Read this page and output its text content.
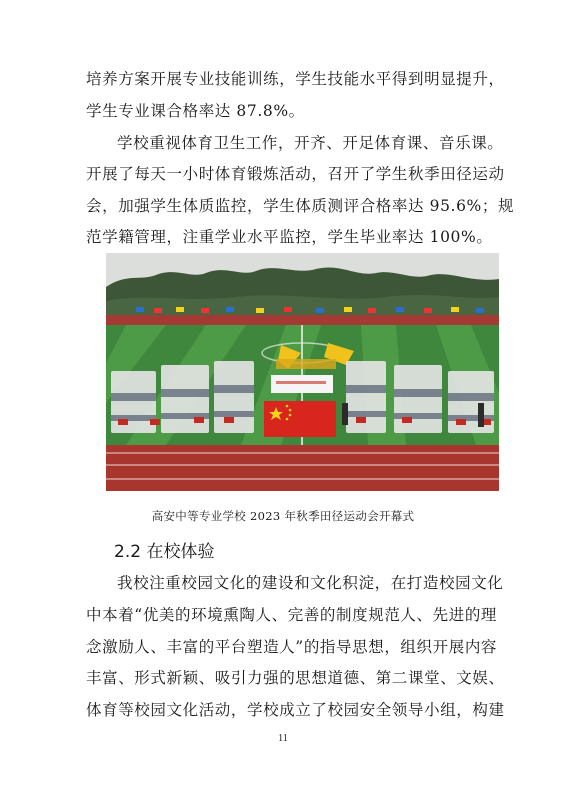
培养方案开展专业技能训练，学生技能水平得到明显提升，
学生专业课合格率达 87.8%。
学校重视体育卫生工作，开齐、开足体育课、音乐课。
开展了每天一小时体育锻炼活动，召开了学生秋季田径运动
会，加强学生体质监控，学生体质测评合格率达 95.6%；规
范学籍管理，注重学业水平监控，学生毕业率达 100%。
高安中等专业学校 2023 年秋季田径运动会开幕式
2.2 在校体验
我校注重校园文化的建设和文化积淀，在打造校园文化
中本着“优美的环境熏陶人、完善的制度规范人、先进的理
念激励人、丰富的平台塑造人”的指导思想，组织开展内容
丰富、形式新颖、吸引力强的思想道德、第二课堂、文娱、
体育等校园文化活动，学校成立了校园安全领导小组，构建
11
